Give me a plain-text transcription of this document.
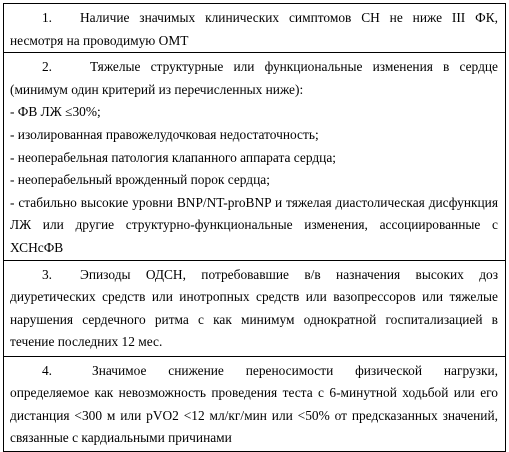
1. Наличие значимых клинических симптомов СН не ниже III ФК, несмотря на проводимую ОМТ

2.	Тяжелые структурные или функциональные изменения в сердце (минимум один критерий из перечисленных ниже):

- ФВ ЛЖ ≤30%;

- изолированная правожелудочковая недостаточность;

- неоперабельная патология клапанного аппарата сердца;

- неоперабельный врожденный порок сердца;

- стабильно высокие уровни BNP/NT-proBNP и тяжелая диастолическая дисфункция ЛЖ или другие структурно-функциональные изменения, ассоциированные с ХСНсФВ

3. Эпизоды ОДСН, потребовавшие в/в назначения высоких доз диуретических средств или инотропных средств или вазопрессоров или тяжелые нарушения сердечного ритма с как минимум однократной госпитализацией в течение последних 12 мес.

4.	Значимое снижение переносимости физической нагрузки, определяемое как невозможность проведения теста с 6-минутной ходьбой или его дистанция <300 м или pVO2 <12 мл/кг/мин или <50% от предсказанных значений, связанные с кардиальными причинами
